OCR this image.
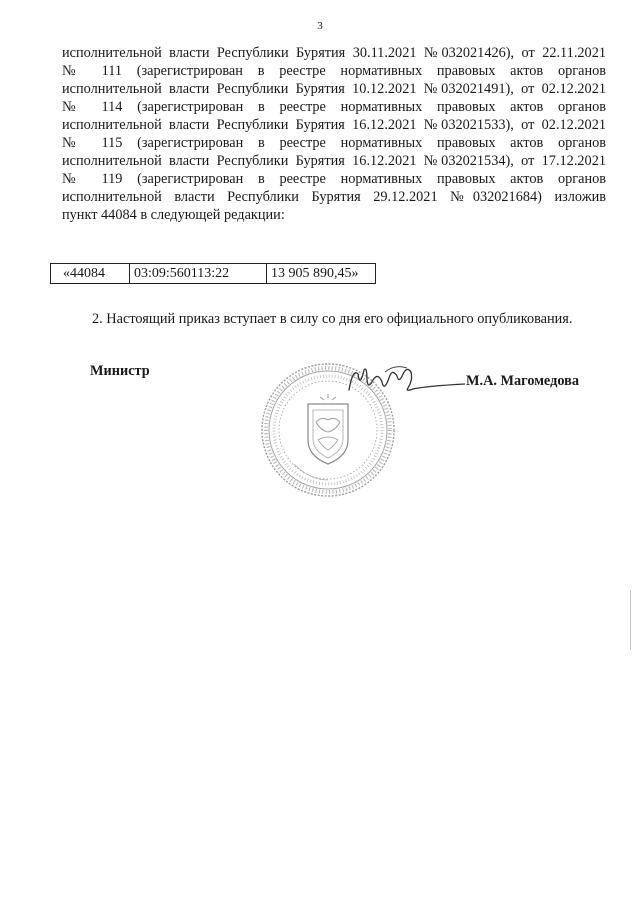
3

исполнительной власти Республики Бурятия 30.11.2021 №032021426), от 22.11.2021
№ 111 (зарегистрирован в реестре нормативных правовых актов органов
исполнительной власти Республики Бурятия 10.12.2021 №032021491), от 02.12.2021
№ 114 (зарегистрирован в реестре нормативных правовых актов органов
исполнительной власти Республики Бурятия 16.12.2021 №032021533), от 02.12.2021
№ 115 (зарегистрирован в реестре нормативных правовых актов органов
исполнительной власти Республики Бурятия 16.12.2021 №032021534), от 17.12.2021
№ 119 (зарегистрирован в реестре нормативных правовых актов органов
исполнительной власти Республики Бурятия 29.12.2021 №032021684) изложив
пункт 44084 в следующей редакции:

«44084	03:09:560113:22	13 905 890,45»

2. Настоящий приказ вступает в силу со дня его официального опубликования.

Министр
М.А. Магомедова
